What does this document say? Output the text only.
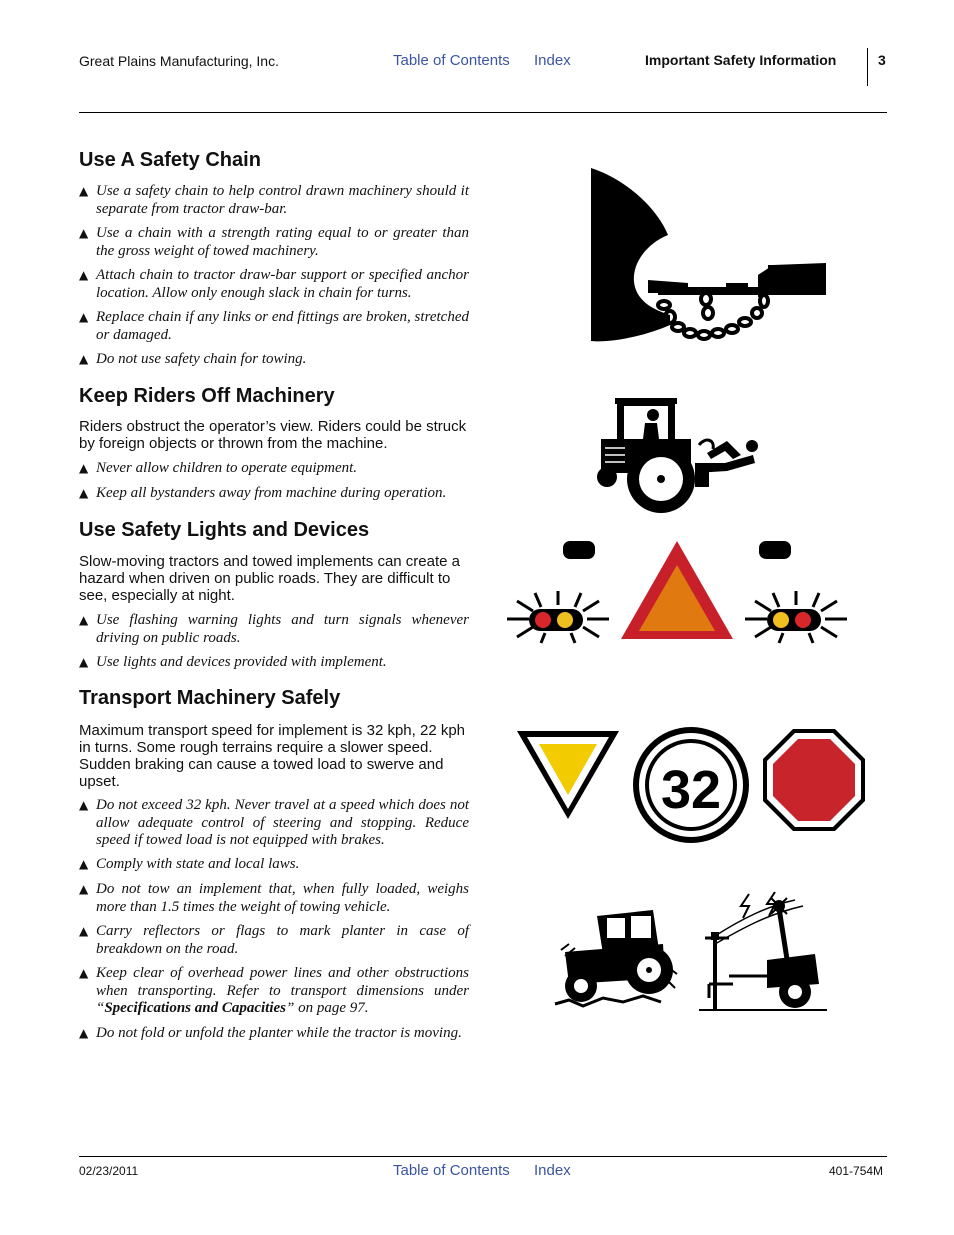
Great Plains Manufacturing, Inc.	Table of Contents Index	Important Safety Information	3
Use A Safety Chain
▲ Use a safety chain to help control drawn machinery should it separate from tractor draw-bar.
▲ Use a chain with a strength rating equal to or greater than the gross weight of towed machinery.
▲ Attach chain to tractor draw-bar support or specified anchor location. Allow only enough slack in chain for turns.
▲ Replace chain if any links or end fittings are broken, stretched or damaged.
▲ Do not use safety chain for towing.
Keep Riders Off Machinery

Riders obstruct the operator’s view. Riders could be struck by foreign objects or thrown from the machine.

▲ Never allow children to operate equipment.
▲ Keep all bystanders away from machine during operation.
Use Safety Lights and Devices

Slow-moving tractors and towed implements can create a hazard when driven on public roads. They are difficult to see, especially at night.

▲ Use flashing warning lights and turn signals whenever driving on public roads.
▲ Use lights and devices provided with implement.
Transport Machinery Safely

Maximum transport speed for implement is 32 kph, 22 kph in turns. Some rough terrains require a slower speed. Sudden braking can cause a towed load to swerve and upset.

▲ Do not exceed 32 kph. Never travel at a speed which does not allow adequate control of steering and stopping. Reduce speed if towed load is not equipped with brakes.
▲ Comply with state and local laws.
▲ Do not tow an implement that, when fully loaded, weighs more than 1.5 times the weight of towing vehicle.
▲ Carry reflectors or flags to mark planter in case of breakdown on the road.
▲ Keep clear of overhead power lines and other obstructions when transporting. Refer to transport dimensions under “Specifications and Capacities” on page 97.
▲ Do not fold or unfold the planter while the tractor is moving.
32
02/23/2011	Table of Contents Index	401-754M
